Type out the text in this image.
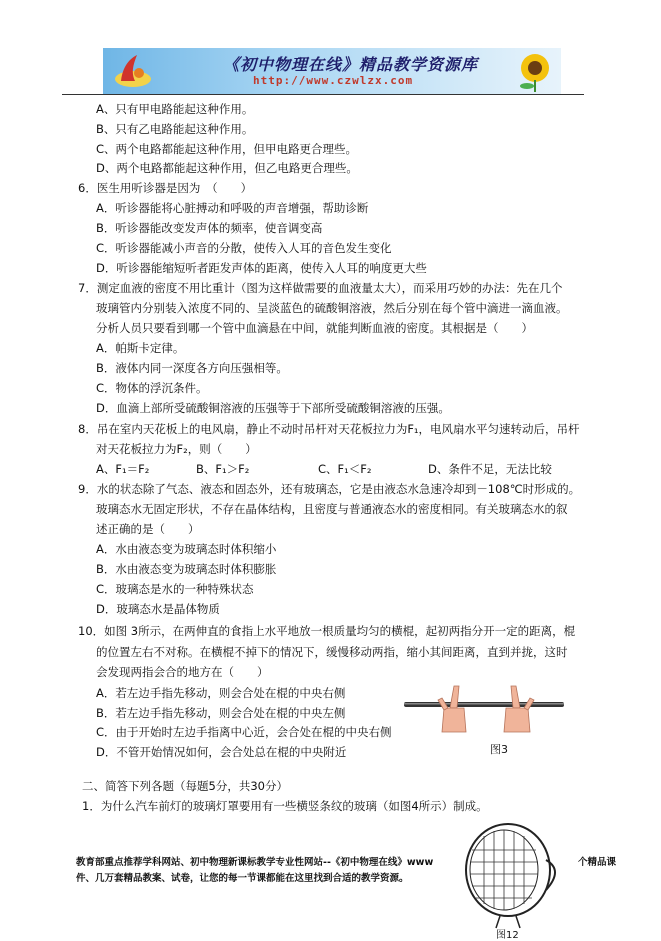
《初中物理在线》精品教学资源库
http://www.czwlzx.com
A、只有甲电路能起这种作用。
B、只有乙电路能起这种作用。
C、两个电路都能起这种作用，但甲电路更合理些。
D、两个电路都能起这种作用，但乙电路更合理些。
6．医生用听诊器是因为　（　　）
A．听诊器能将心脏搏动和呼吸的声音增强，帮助诊断
B．听诊器能改变发声体的频率，使音调变高
C．听诊器能减小声音的分散，使传入人耳的音色发生变化
D．听诊器能缩短听者距发声体的距离，使传入人耳的响度更大些
7．测定血液的密度不用比重计（图为这样做需要的血液量太大），而采用巧妙的办法：先在几个
玻璃管内分别装入浓度不同的、呈淡蓝色的硫酸铜溶液，然后分别在每个管中滴进一滴血液。
分析人员只要看到哪一个管中血滴悬在中间，就能判断血液的密度。其根据是（　　）
A．帕斯卡定律。
B．液体内同一深度各方向压强相等。
C．物体的浮沉条件。
D．血滴上部所受硫酸铜溶液的压强等于下部所受硫酸铜溶液的压强。
8．吊在室内天花板上的电风扇，静止不动时吊杆对天花板拉力为F₁，电风扇水平匀速转动后，吊杆
对天花板拉力为F₂，则（　　）
A、F₁＝F₂	B、F₁＞F₂	C、F₁＜F₂	D、条件不足，无法比较
9．水的状态除了气态、液态和固态外，还有玻璃态，它是由液态水急速冷却到－108℃时形成的。
玻璃态水无固定形状，不存在晶体结构，且密度与普通液态水的密度相同。有关玻璃态水的叙
述正确的是（　　）
A．水由液态变为玻璃态时体积缩小
B．水由液态变为玻璃态时体积膨胀
C．玻璃态是水的一种特殊状态
D．玻璃态水是晶体物质
10．如图 3所示，在两伸直的食指上水平地放一根质量均匀的横棍，起初两指分开一定的距离，棍
的位置左右不对称。在横棍不掉下的情况下，缓慢移动两指，缩小其间距离，直到并拢，这时
会发现两指会合的地方在（　　）
A．若左边手指先移动，则会合处在棍的中央右侧
B．若左边手指先移动，则会合处在棍的中央左侧
C．由于开始时左边手指离中心近，会合处在棍的中央右侧
D．不管开始情况如何，会合处总在棍的中央附近	图3
二、简答下列各题（每题5分，共30分）
1．为什么汽车前灯的玻璃灯罩要用有一些横竖条纹的玻璃（如图4所示）制成。
图12
教育部重点推荐学科网站、初中物理新课标教学专业性网站--《初中物理在线》www	个精品课
件、几万套精品教案、试卷，让您的每一节课都能在这里找到合适的教学资源。
